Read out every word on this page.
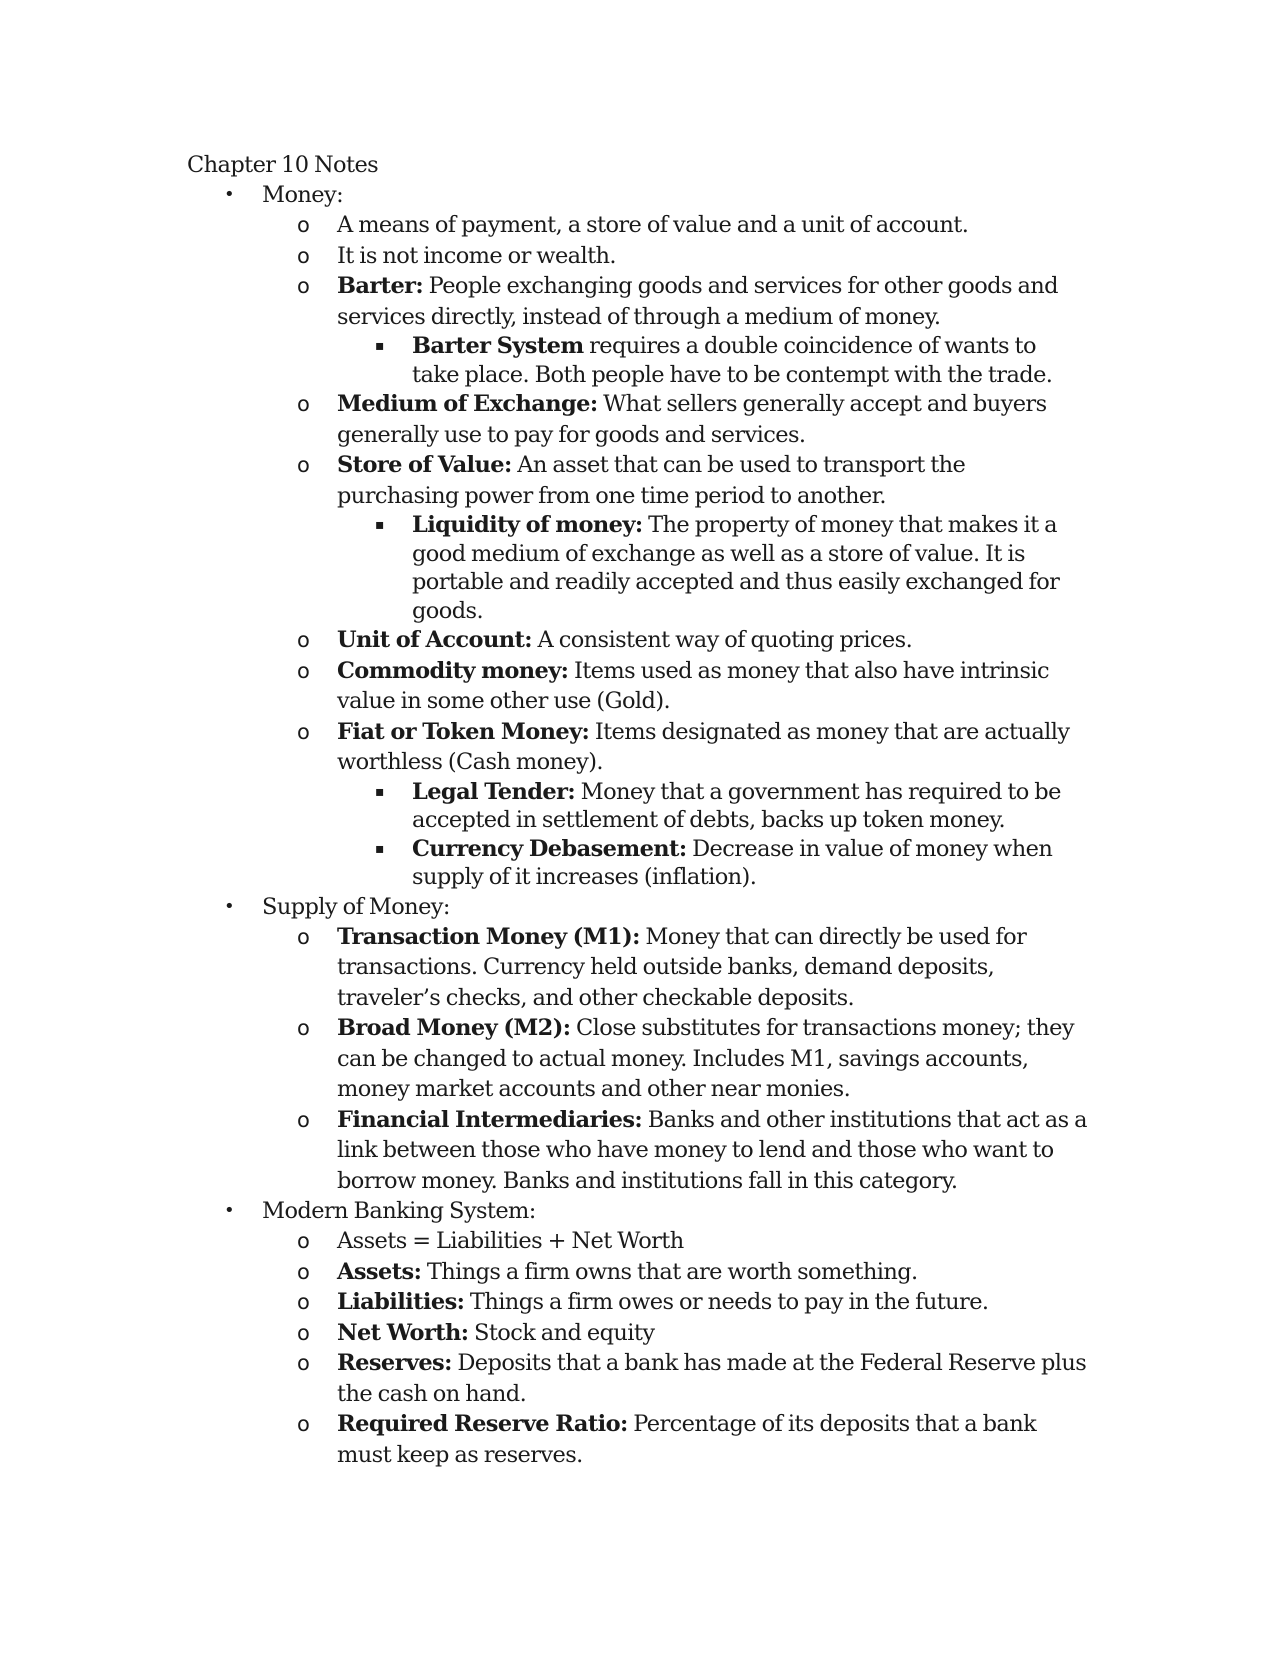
Chapter 10 Notes
• Money:
o A means of payment, a store of value and a unit of account.
o It is not income or wealth.
o Barter: People exchanging goods and services for other goods and services directly, instead of through a medium of money.
▪ Barter System requires a double coincidence of wants to take place. Both people have to be contempt with the trade.
o Medium of Exchange: What sellers generally accept and buyers generally use to pay for goods and services.
o Store of Value: An asset that can be used to transport the purchasing power from one time period to another.
▪ Liquidity of money: The property of money that makes it a good medium of exchange as well as a store of value. It is portable and readily accepted and thus easily exchanged for goods.
o Unit of Account: A consistent way of quoting prices.
o Commodity money: Items used as money that also have intrinsic value in some other use (Gold).
o Fiat or Token Money: Items designated as money that are actually worthless (Cash money).
▪ Legal Tender: Money that a government has required to be accepted in settlement of debts, backs up token money.
▪ Currency Debasement: Decrease in value of money when supply of it increases (inflation).
• Supply of Money:
o Transaction Money (M1): Money that can directly be used for transactions. Currency held outside banks, demand deposits, traveler’s checks, and other checkable deposits.
o Broad Money (M2): Close substitutes for transactions money; they can be changed to actual money. Includes M1, savings accounts, money market accounts and other near monies.
o Financial Intermediaries: Banks and other institutions that act as a link between those who have money to lend and those who want to borrow money. Banks and institutions fall in this category.
• Modern Banking System:
o Assets = Liabilities + Net Worth
o Assets: Things a firm owns that are worth something.
o Liabilities: Things a firm owes or needs to pay in the future.
o Net Worth: Stock and equity
o Reserves: Deposits that a bank has made at the Federal Reserve plus the cash on hand.
o Required Reserve Ratio: Percentage of its deposits that a bank must keep as reserves.
